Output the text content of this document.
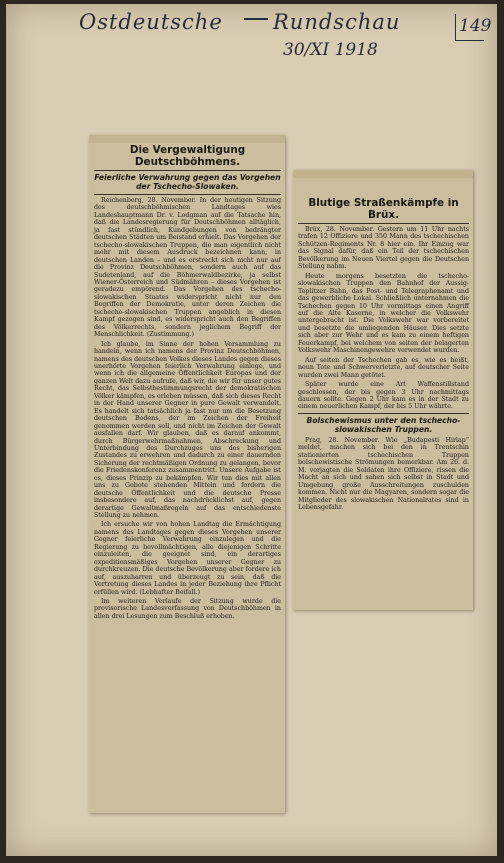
Ostdeutsche Rundschau
30/XI 1918
149
Die Vergewaltigung Deutschböhmens.
Feierliche Verwahrung gegen das Vorgehen der Tschecho-Slowaken.

Reichenberg, 28. November. In der heutigen Sitzung des deutschböhmischen Landtages wies Landeshauptmann Dr. v. Lodgman auf die Tatsache hin, daß die Landesregierung für Deutschböhmen alltäglich, ja fast stündlich, Kundgebungen von bedrängter deutschen Städten um Beistand erhielt. Das Vorgehen der tschecho-slowakischen Truppen, die man eigentlich nicht mehr mit diesem Ausdruck bezeichnen kann, in deutschen Landen – und es erstreckt sich nicht nur auf die Provinz Deutschböhmen, sondern auch auf das Sudetenland, auf die Böhmerwaldbezirke, ja selbst Wiener-Österreich und Südmähren – dieses Vorgehen ist geradezu empörend. Das Vorgehen des tschecho-slowakischen Staates widerspricht nicht nur den Begriffen der Demokratie, unter deren Zeichen die tschecho-slowakischen Truppen angeblich in diesen Kampf gezogen sind, es widerspricht auch den Begriffen des Völkerrechts, sondern jeglichem Begriff der Menschlichkeit. (Zustimmung.)

Ich glaube, im Sinne der hohen Versammlung zu handeln, wenn ich namens der Provinz Deutschböhmen, namens des deutschen Volkes dieses Landes gegen dieses unerhörte Vorgehen feierlich Verwahrung einlege, und wenn ich die allgemeine Öffentlichkeit Europas und der ganzen Welt dazu aufrufe, daß wir, die wir für unser gutes Recht, das Selbstbestimmungsrecht der demokratischen Völker kämpfen, es erleben müssen, daß sich dieses Recht in der Hand unserer Gegner in pure Gewalt verwandelt. Es handelt sich tatsächlich ja fast nur um die Besetzung deutschen Bodens, der im Zeichen der Freiheit genommen werden soll, und nicht im Zeichen der Gewalt ausfallen darf. Wir glauben, daß es darauf ankommt, durch Bürgerwehrmaßnahmen, Abschreckung und Unterbindung des Durchzuges uns des bisherigen Zustandes zu erwehren und dadurch zu einer dauernden Sicherung der rechtmäßigen Ordnung zu gelangen, bevor die Friedenskonferenz zusammentritt. Unsere Aufgabe ist es, dieses Prinzip zu bekämpfen. Wir tun dies mit allen uns zu Gebote stehenden Mitteln und fordern die deutsche Öffentlichkeit und die deutsche Presse insbesondere auf, das nachdrücklichst auf, gegen derartige Gewaltmaßregeln auf das entschiedenste Stellung zu nehmen.

Ich ersuche wir von hohen Landtag die Ermächtigung namens des Landtages gegen dieses Vorgehen unserer Gegner feierliche Verwahrung einzulegen und die Regierung zu bevollmächtigen, alle diejenigen Schritte einzuleiten, die geeignet sind, ein derartiges expeditionsmäßiges Vorgehen unserer Gegner zu durchkreuzen. Die deutsche Bevölkerung aber fordere ich auf, auszuharren und überzeugt zu sein, daß die Vertretung dieses Landes in jeder Beziehung ihre Pflicht erfüllen wird. (Lebhafter Beifall.)

Im weiteren Verlaufe der Sitzung wurde die provisorische Landesverfassung von Deutschböhmen in allen drei Lesungen zum Beschluß erhoben.

Blutige Straßenkämpfe in Brüx.

Brüx, 28. November. Gestern um 11 Uhr nachts trafen 12 Offiziere und 350 Mann des tschechischen Schützen-Regiments Nr. 8 hier ein. Ihr Einzug war das Signal dafür, daß ein Teil der tschechischen Bevölkerung im Neuen Viertel gegen die Deutschen Stellung nahm.

Heute morgens besetzten die tschecho-slowakischen Truppen den Bahnhof der Aussig-Teplitzer Bahn, das Post- und Telegraphenamt und das gewerbliche Lokal. Schließlich unternahmen die Tschechen gegen 10 Uhr vormittags einen Angriff auf die Alte Kaserne, in welcher die Volkswehr untergebracht ist. Die Volkswehr war vorbereitet und besetzte die umliegenden Häuser. Dies setzte sich aber zur Wehr und es kam zu einem heftigen Feuerkampf, bei welchem von seiten der belagerten Volkswehr Maschinengewehre verwendet wurden.

Auf seiten der Tschechen gab es, wie es heißt, neun Tote und Schwerverletzte, auf deutscher Seite wurden zwei Mann getötet.

Später wurde eine Art Waffenstillstand geschlossen, der bis gegen 3 Uhr nachmittags dauern sollte. Gegen 2 Uhr kam es in der Stadt zu einem neuerlichen Kampf, der bis 5 Uhr währte.

Bolschewismus unter den tschecho-slowakischen Truppen.

Prag, 28. November. Wie „Budapesti Hirlap“ meldet, machen sich bei den in Trentschin stationierten tschechischen Truppen bolschewistische Strömungen bemerkbar. Am 26. d. M. verjagten die Soldaten ihre Offiziere, rissen die Macht an sich und sahen sich selbst in Stadt und Umgebung große Ausschreitungen zuschulden kommen. Nicht nur die Magyaren, sondern sogar die Mitglieder des slowakischen Nationalrates sind in Lebensgefahr.
